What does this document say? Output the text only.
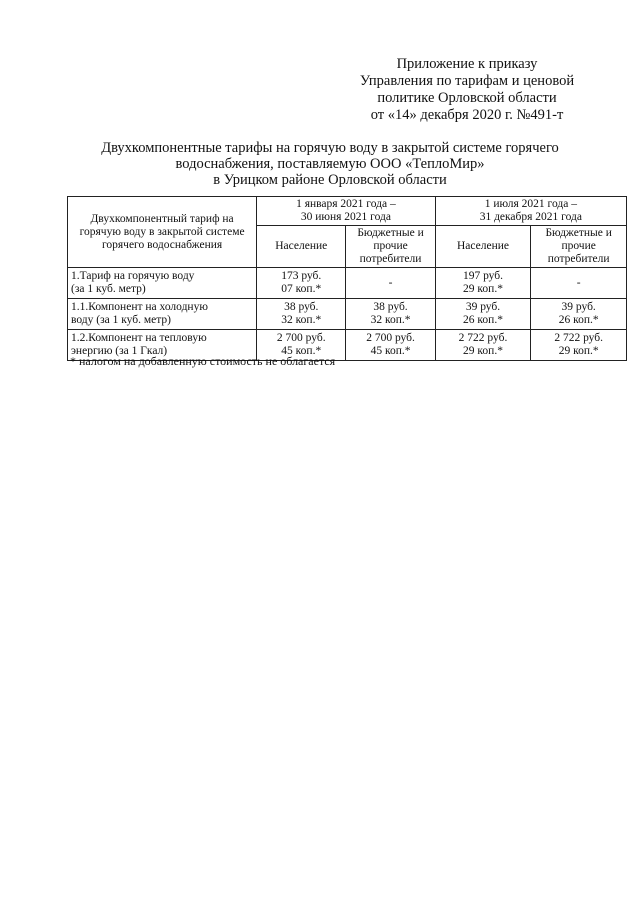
Приложение к приказу
Управления по тарифам и ценовой
политике Орловской области
от «14» декабря 2020 г. №491-т
Двухкомпонентные тарифы на горячую воду в закрытой системе горячего
водоснабжения, поставляемую ООО «ТеплоМир»
в Урицком районе Орловской области
Двухкомпонентный тариф на горячую воду в закрытой системе горячего водоснабжения	1 января 2021 года –
30 июня 2021 года		1 июля 2021 года –
31 декабря 2021 года	

	Население	Бюджетные и
прочие
потребители	Население	Бюджетные и
прочие
потребители

1.Тариф на горячую воду
(за 1 куб. метр)	173 руб.
07 коп.*	-	197 руб.
29 коп.*	-

1.1.Компонент на холодную
воду (за 1 куб. метр)	38 руб.
32 коп.*	38 руб.
32 коп.*	39 руб.
26 коп.*	39 руб.
26 коп.*

1.2.Компонент на тепловую
энергию (за 1 Гкал)	2 700 руб.
45 коп.*	2 700 руб.
45 коп.*	2 722 руб.
29 коп.*	2 722 руб.
29 коп.*
* налогом на добавленную стоимость не облагается
